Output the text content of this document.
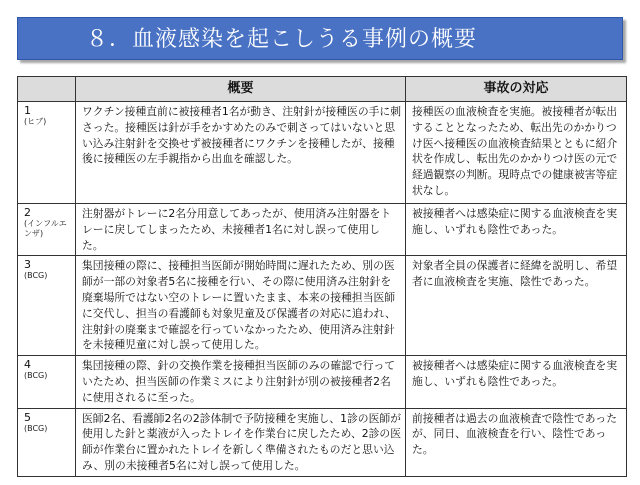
８．血液感染を起こしうる事例の概要
	概要	事故の対応

1
(ヒブ)	ワクチン接種直前に被接種者1名が動き、注射針が接種医の手に刺さった。接種医は針が手をかすめたのみで刺さってはいないと思い込み注射針を交換せず被接種者にワクチンを接種したが、接種後に接種医の左手親指から出血を確認した。	接種医の血液検査を実施。被接種者が転出することとなったため、転出先のかかりつけ医へ接種医の血液検査結果とともに紹介状を作成し、転出先のかかりつけ医の元で経過観察の判断。現時点での健康被害等症状なし。

2
(インフルエンザ)	注射器がトレーに2名分用意してあったが、使用済み注射器をトレーに戻してしまったため、未接種者1名に対し誤って使用した。	被接種者へは感染症に関する血液検査を実施し、いずれも陰性であった。

3
(BCG)	集団接種の際に、接種担当医師が開始時間に遅れたため、別の医師が一部の対象者5名に接種を行い、その際に使用済み注射針を廃棄場所ではない空のトレーに置いたまま、本来の接種担当医師に交代し、担当の看護師も対象児童及び保護者の対応に追われ、注射針の廃棄まで確認を行っていなかったため、使用済み注射針を未接種児童に対し誤って使用した。	対象者全員の保護者に経緯を説明し、希望者に血液検査を実施、陰性であった。

4
(BCG)	集団接種の際、針の交換作業を接種担当医師のみの確認で行っていたため、担当医師の作業ミスにより注射針が別の被接種者2名に使用されるに至った。	被接種者へは感染症に関する血液検査を実施し、いずれも陰性であった。

5
(BCG)	医師2名、看護師2名の2診体制で予防接種を実施し、1診の医師が使用した針と薬液が入ったトレイを作業台に戻したため、2診の医師が作業台に置かれたトレイを新しく準備されたものだと思い込み、別の未接種者5名に対し誤って使用した。	前接種者は過去の血液検査で陰性であったが、同日、血液検査を行い、陰性であった。
